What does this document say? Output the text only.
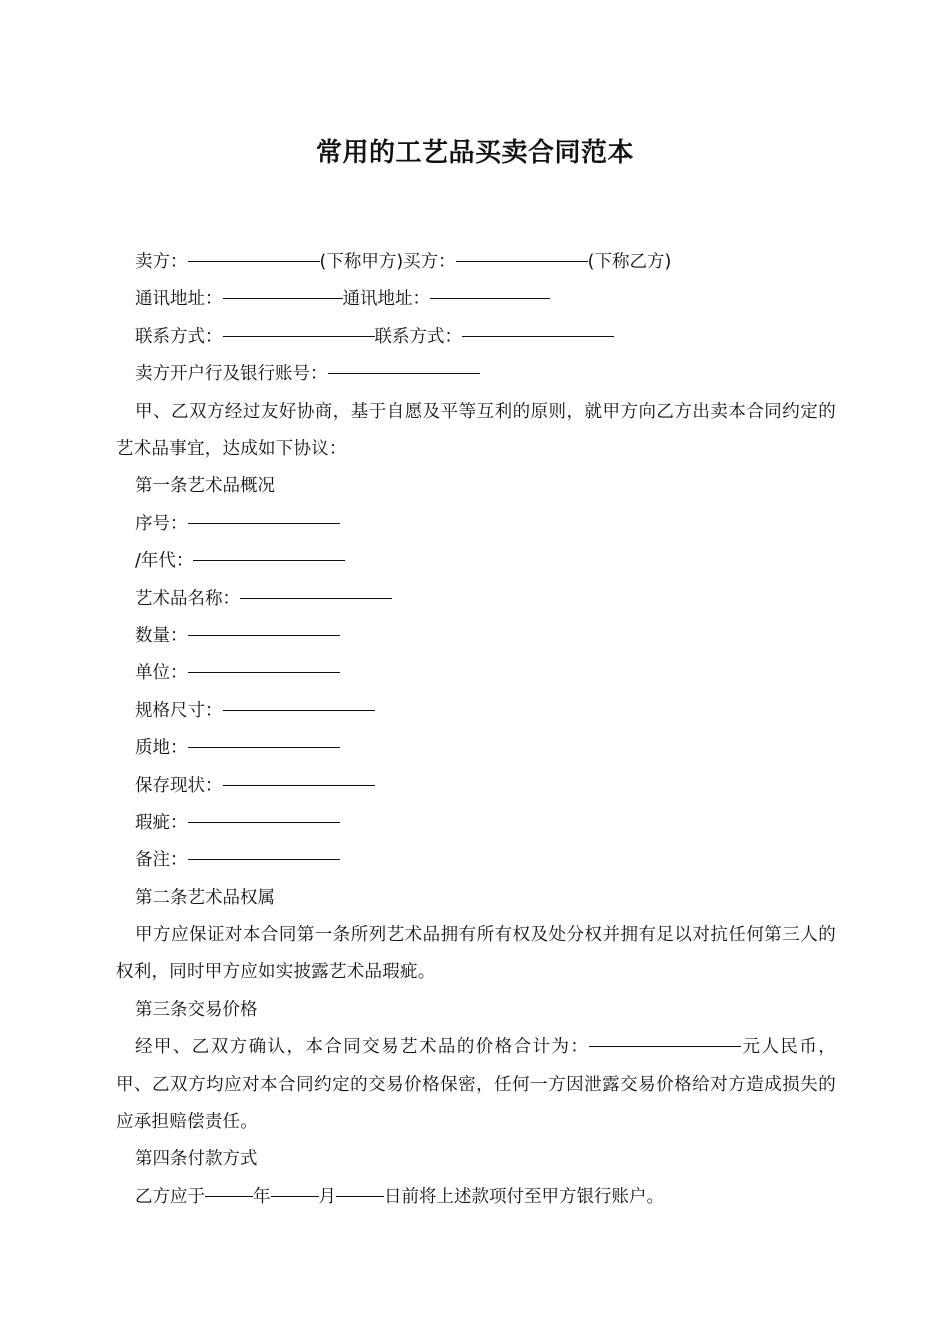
常用的工艺品买卖合同范本
卖方：	(下称甲方)买方：	(下称乙方)
通讯地址：	通讯地址：
联系方式：	联系方式：
卖方开户行及银行账号：
甲、乙双方经过友好协商，基于自愿及平等互利的原则，就甲方向乙方出卖本合同约定的艺术品事宜，达成如下协议：
第一条艺术品概况
序号：
/年代：
艺术品名称：
数量：
单位：
规格尺寸：
质地：
保存现状：
瑕疵：
备注：
第二条艺术品权属
甲方应保证对本合同第一条所列艺术品拥有所有权及处分权并拥有足以对抗任何第三人的权利，同时甲方应如实披露艺术品瑕疵。
第三条交易价格
经甲、乙双方确认，本合同交易艺术品的价格合计为：	元人民币，甲、乙双方均应对本合同约定的交易价格保密，任何一方因泄露交易价格给对方造成损失的应承担赔偿责任。
第四条付款方式
乙方应于	年	月	日前将上述款项付至甲方银行账户。
